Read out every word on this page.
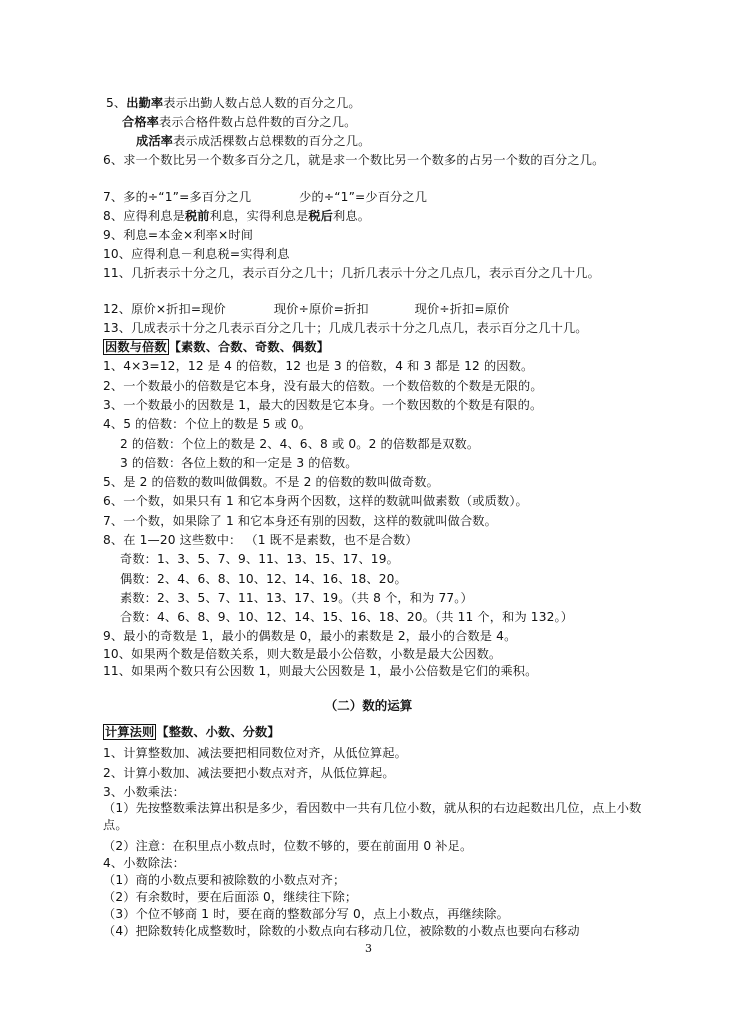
5、出勤率表示出勤人数占总人数的百分之几。
合格率表示合格件数占总件数的百分之几。
成活率表示成活棵数占总棵数的百分之几。
6、求一个数比另一个数多百分之几，就是求一个数比另一个数多的占另一个数的百分之几。
7、多的÷“1”=多百分之几	少的÷“1”=少百分之几
8、应得利息是税前利息，实得利息是税后利息。
9、利息=本金×利率×时间
10、应得利息－利息税=实得利息
11、几折表示十分之几，表示百分之几十；几折几表示十分之几点几，表示百分之几十几。
12、原价×折扣=现价	现价÷原价=折扣	现价÷折扣=原价
13、几成表示十分之几表示百分之几十；几成几表示十分之几点几，表示百分之几十几。
因数与倍数 【素数、合数、奇数、偶数】
1、4×3=12，12 是 4 的倍数，12 也是 3 的倍数，4 和 3 都是 12 的因数。
2、一个数最小的倍数是它本身，没有最大的倍数。一个数倍数的个数是无限的。
3、一个数最小的因数是 1，最大的因数是它本身。一个数因数的个数是有限的。
4、5 的倍数：个位上的数是 5 或 0。
2 的倍数：个位上的数是 2、4、6、8 或 0。2 的倍数都是双数。
3 的倍数：各位上数的和一定是 3 的倍数。
5、是 2 的倍数的数叫做偶数。不是 2 的倍数的数叫做奇数。
6、一个数，如果只有 1 和它本身两个因数，这样的数就叫做素数（或质数）。
7、一个数，如果除了 1 和它本身还有别的因数，这样的数就叫做合数。
8、在 1—20 这些数中： （1 既不是素数，也不是合数）
奇数：1、3、5、7、9、11、13、15、17、19。
偶数：2、4、6、8、10、12、14、16、18、20。
素数：2、3、5、7、11、13、17、19。（共 8 个，和为 77。）
合数：4、6、8、9、10、12、14、15、16、18、20。（共 11 个，和为 132。）
9、最小的奇数是 1，最小的偶数是 0，最小的素数是 2，最小的合数是 4。
10、如果两个数是倍数关系，则大数是最小公倍数，小数是最大公因数。
11、如果两个数只有公因数 1，则最大公因数是 1，最小公倍数是它们的乘积。
（二）数的运算
计算法则 【整数、小数、分数】
1、计算整数加、减法要把相同数位对齐，从低位算起。
2、计算小数加、减法要把小数点对齐，从低位算起。
3、小数乘法：
（1）先按整数乘法算出积是多少，看因数中一共有几位小数，就从积的右边起数出几位，点上小数点。
（2）注意：在积里点小数点时，位数不够的，要在前面用 0 补足。
4、小数除法：
（1）商的小数点要和被除数的小数点对齐；
（2）有余数时，要在后面添 0，继续往下除；
（3）个位不够商 1 时，要在商的整数部分写 0，点上小数点，再继续除。
（4）把除数转化成整数时，除数的小数点向右移动几位，被除数的小数点也要向右移动
3
